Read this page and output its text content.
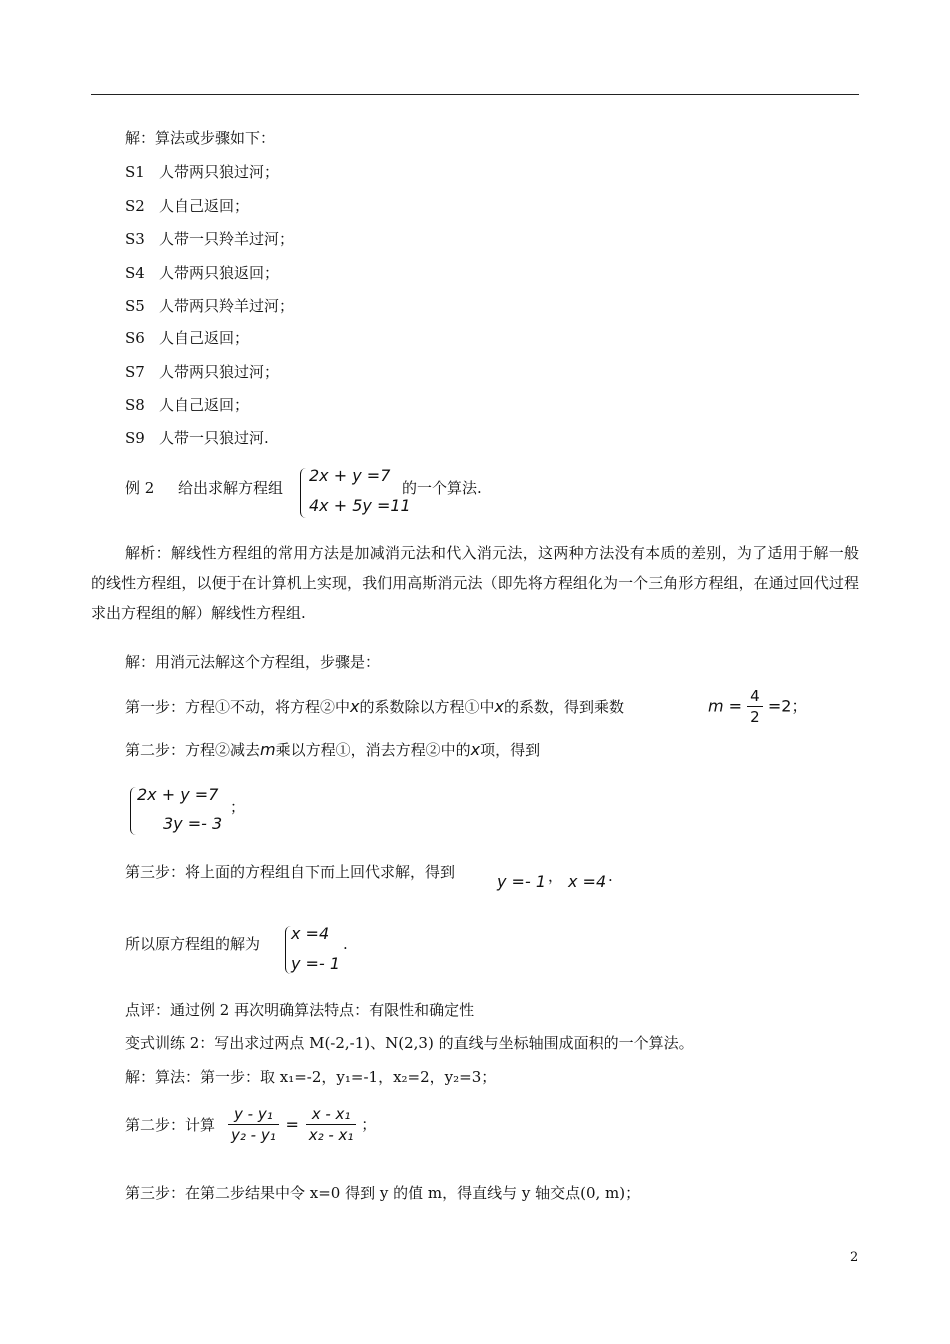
解：算法或步骤如下：
S1 人带两只狼过河；
S2 人自己返回；
S3 人带一只羚羊过河；
S4 人带两只狼返回；
S5 人带两只羚羊过河；
S6 人自己返回；
S7 人带两只狼过河；
S8 人自己返回；
S9 人带一只狼过河.
例 2 给出求解方程组
2x + y =7
4x + 5y =11
的一个算法.
解析：解线性方程组的常用方法是加减消元法和代入消元法，这两种方法没有本质的差别，为了适用于解一般的线性方程组，以便于在计算机上实现，我们用高斯消元法（即先将方程组化为一个三角形方程组，在通过回代过程求出方程组的解）解线性方程组.
解：用消元法解这个方程组，步骤是：
第一步：方程①不动，将方程②中x的系数除以方程①中x的系数，得到乘数	$m = \frac{4}{2} =2$；
第二步：方程②减去m乘以方程①，消去方程②中的x项，得到
2x + y =7
3y =- 3
；
第三步：将上面的方程组自下而上回代求解，得到	y =- 1 ， x =4 .
所以原方程组的解为
x =4
y =- 1
.
点评：通过例 2 再次明确算法特点：有限性和确定性
变式训练 2：写出求过两点 M(-2,-1)、N(2,3) 的直线与坐标轴围成面积的一个算法。
解：算法：第一步：取 x₁=-2，y₁=-1，x₂=2，y₂=3；
第二步：计算 $\frac{\text{y - y₁}}{\text{y₂ - y₁}} = \frac{\text{x - x₁}}{\text{x₂ - x₁}}$ ；
第三步：在第二步结果中令 x=0 得到 y 的值 m，得直线与 y 轴交点(0, m)；
2
